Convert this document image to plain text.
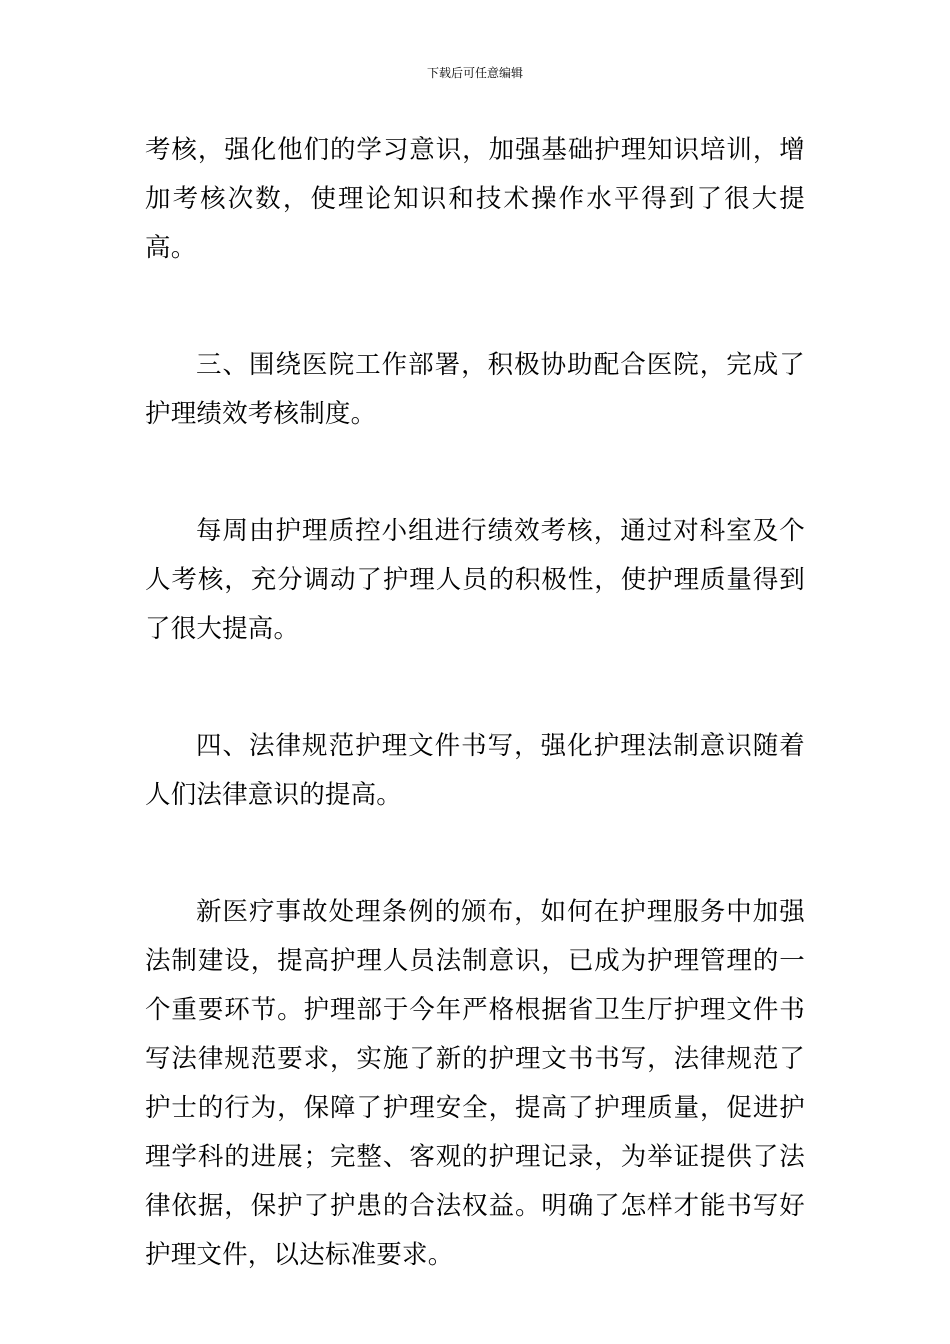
下载后可任意编辑

考核，强化他们的学习意识，加强基础护理知识培训，增加考核次数，使理论知识和技术操作水平得到了很大提高。

三、围绕医院工作部署，积极协助配合医院，完成了护理绩效考核制度。

每周由护理质控小组进行绩效考核，通过对科室及个人考核，充分调动了护理人员的积极性，使护理质量得到了很大提高。

四、法律规范护理文件书写，强化护理法制意识随着人们法律意识的提高。

新医疗事故处理条例的颁布，如何在护理服务中加强法制建设，提高护理人员法制意识，已成为护理管理的一个重要环节。护理部于今年严格根据省卫生厅护理文件书写法律规范要求，实施了新的护理文书书写，法律规范了护士的行为，保障了护理安全，提高了护理质量，促进护理学科的进展；完整、客观的护理记录，为举证提供了法律依据，保护了护患的合法权益。明确了怎样才能书写好护理文件，以达标准要求。
